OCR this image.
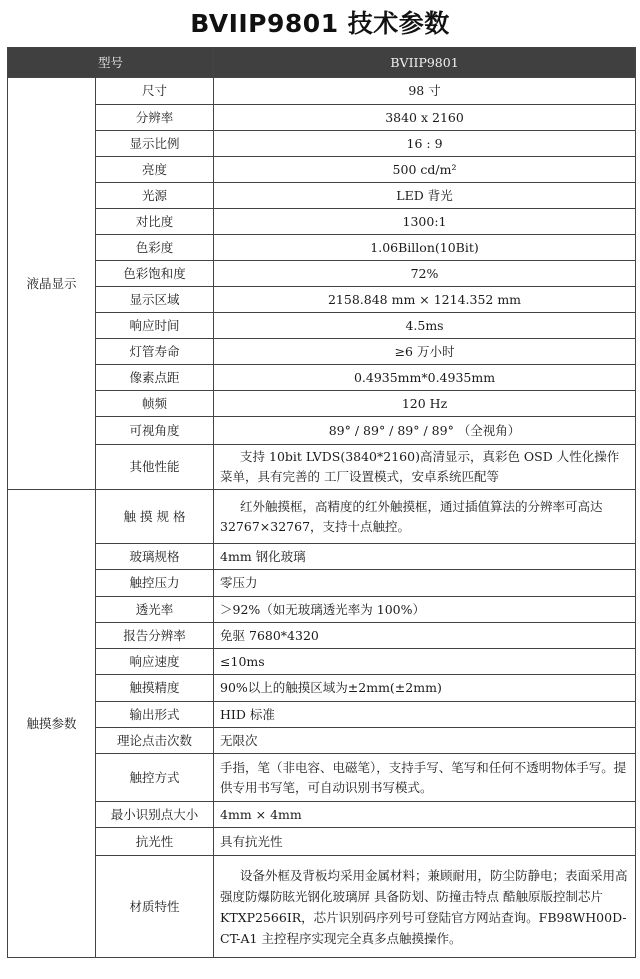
BVIIP9801 技术参数
型号		BVIIP9801
液晶显示	尺寸	98 寸
	分辨率	3840 x 2160
	显示比例	16 : 9
	亮度	500 cd/m²
	光源	LED 背光
	对比度	1300:1
	色彩度	1.06Billon(10Bit)
	色彩饱和度	72%
	显示区域	2158.848 mm × 1214.352 mm
	响应时间	4.5ms
	灯管寿命	≥6 万小时
	像素点距	0.4935mm*0.4935mm
	帧频	120 Hz
	可视角度	89° / 89° / 89° / 89° （全视角）
	其他性能	支持 10bit LVDS(3840*2160)高清显示，真彩色 OSD 人性化操作菜单，具有完善的 工厂设置模式，安卓系统匹配等

触摸参数	触 摸 规 格	红外触摸框，高精度的红外触摸框，通过插值算法的分辨率可高达 32767×32767，支持十点触控。

	玻璃规格	4mm 钢化玻璃
	触控压力	零压力
	透光率	＞92%（如无玻璃透光率为 100%）
	报告分辨率	免驱 7680*4320
	响应速度	≤10ms
	触摸精度	90%以上的触摸区域为±2mm(±2mm)
	输出形式	HID 标准
	理论点击次数	无限次
	触控方式	手指，笔（非电容、电磁笔），支持手写、笔写和任何不透明物体手写。提供专用书写笔，可自动识别书写模式。

	最小识别点大小	4mm × 4mm
	抗光性	具有抗光性
	材质特性	设备外框及背板均采用金属材料；兼顾耐用，防尘防静电；表面采用高强度防爆防眩光钢化玻璃屏 具备防划、防撞击特点 酷触原版控制芯片 KTXP2566IR，芯片识别码序列号可登陆官方网站查询。FB98WH00D-CT-A1 主控程序实现完全真多点触摸操作。
